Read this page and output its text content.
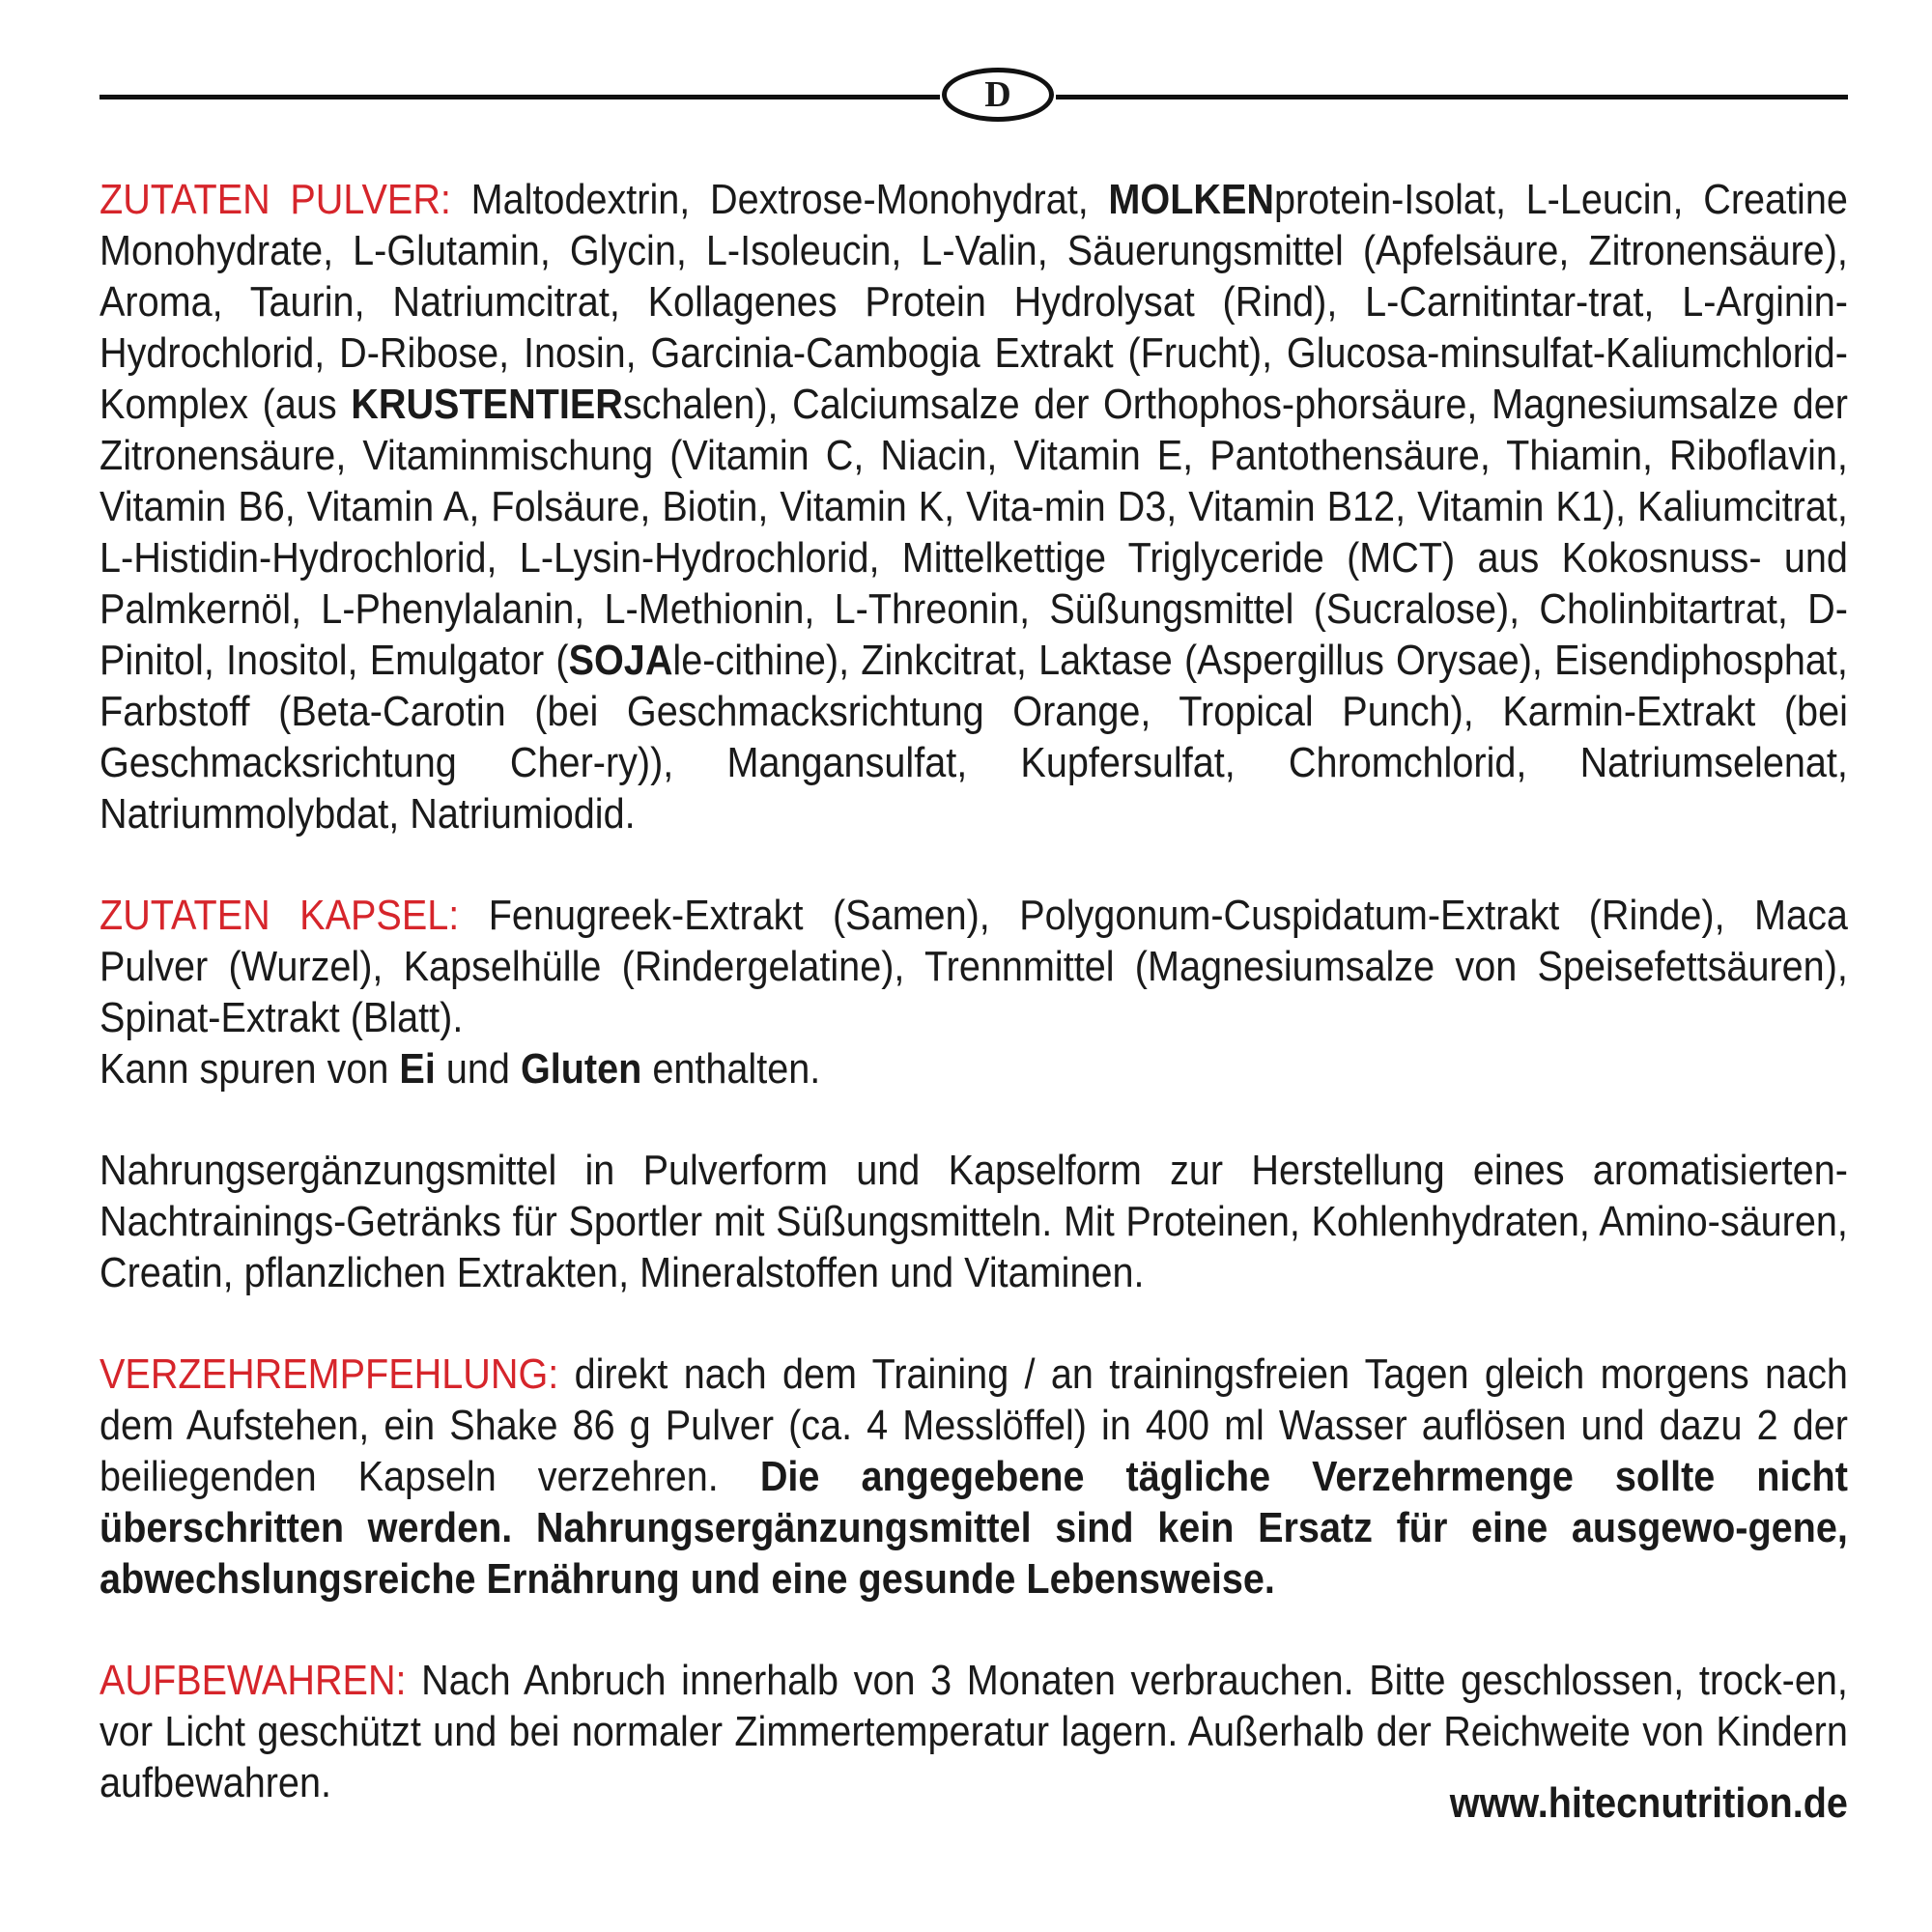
D

ZUTATEN PULVER: Maltodextrin, Dextrose-Monohydrat, MOLKENprotein-Isolat, L-Leucin, Creatine Monohydrate, L-Glutamin, Glycin, L-Isoleucin, L-Valin, Säuerungsmittel (Apfelsäure, Zitronensäure), Aroma, Taurin, Natriumcitrat, Kollagenes Protein Hydrolysat (Rind), L-Carnitintar-trat, L-Arginin-Hydrochlorid, D-Ribose, Inosin, Garcinia-Cambogia Extrakt (Frucht), Glucosa-minsulfat-Kaliumchlorid-Komplex (aus KRUSTENTIERschalen), Calciumsalze der Orthophos-phorsäure, Magnesiumsalze der Zitronensäure, Vitaminmischung (Vitamin C, Niacin, Vitamin E, Pantothensäure, Thiamin, Riboflavin, Vitamin B6, Vitamin A, Folsäure, Biotin, Vitamin K, Vita-min D3, Vitamin B12, Vitamin K1), Kaliumcitrat, L-Histidin-Hydrochlorid, L-Lysin-Hydrochlorid, Mittelkettige Triglyceride (MCT) aus Kokosnuss- und Palmkernöl, L-Phenylalanin, L-Methionin, L-Threonin, Süßungsmittel (Sucralose), Cholinbitartrat, D-Pinitol, Inositol, Emulgator (SOJAle-cithine), Zinkcitrat, Laktase (Aspergillus Orysae), Eisendiphosphat, Farbstoff (Beta-Carotin (bei Geschmacksrichtung Orange, Tropical Punch), Karmin-Extrakt (bei Geschmacksrichtung Cher-ry)), Mangansulfat, Kupfersulfat, Chromchlorid, Natriumselenat, Natriummolybdat, Natriumiodid.

ZUTATEN KAPSEL: Fenugreek-Extrakt (Samen), Polygonum-Cuspidatum-Extrakt (Rinde), Maca Pulver (Wurzel), Kapselhülle (Rindergelatine), Trennmittel (Magnesiumsalze von Speisefettsäuren), Spinat-Extrakt (Blatt).

Kann spuren von Ei und Gluten enthalten.

Nahrungsergänzungsmittel in Pulverform und Kapselform zur Herstellung eines aromatisierten-Nachtrainings-Getränks für Sportler mit Süßungsmitteln. Mit Proteinen, Kohlenhydraten, Amino-säuren, Creatin, pflanzlichen Extrakten, Mineralstoffen und Vitaminen.

VERZEHREMPFEHLUNG: direkt nach dem Training / an trainingsfreien Tagen gleich morgens nach dem Aufstehen, ein Shake 86 g Pulver (ca. 4 Messlöffel) in 400 ml Wasser auflösen und dazu 2 der beiliegenden Kapseln verzehren. Die angegebene tägliche Verzehrmenge sollte nicht überschritten werden. Nahrungsergänzungsmittel sind kein Ersatz für eine ausgewo-gene, abwechslungsreiche Ernährung und eine gesunde Lebensweise.

AUFBEWAHREN: Nach Anbruch innerhalb von 3 Monaten verbrauchen. Bitte geschlossen, trock-en, vor Licht geschützt und bei normaler Zimmertemperatur lagern. Außerhalb der Reichweite von Kindern aufbewahren.	www.hitecnutrition.de
